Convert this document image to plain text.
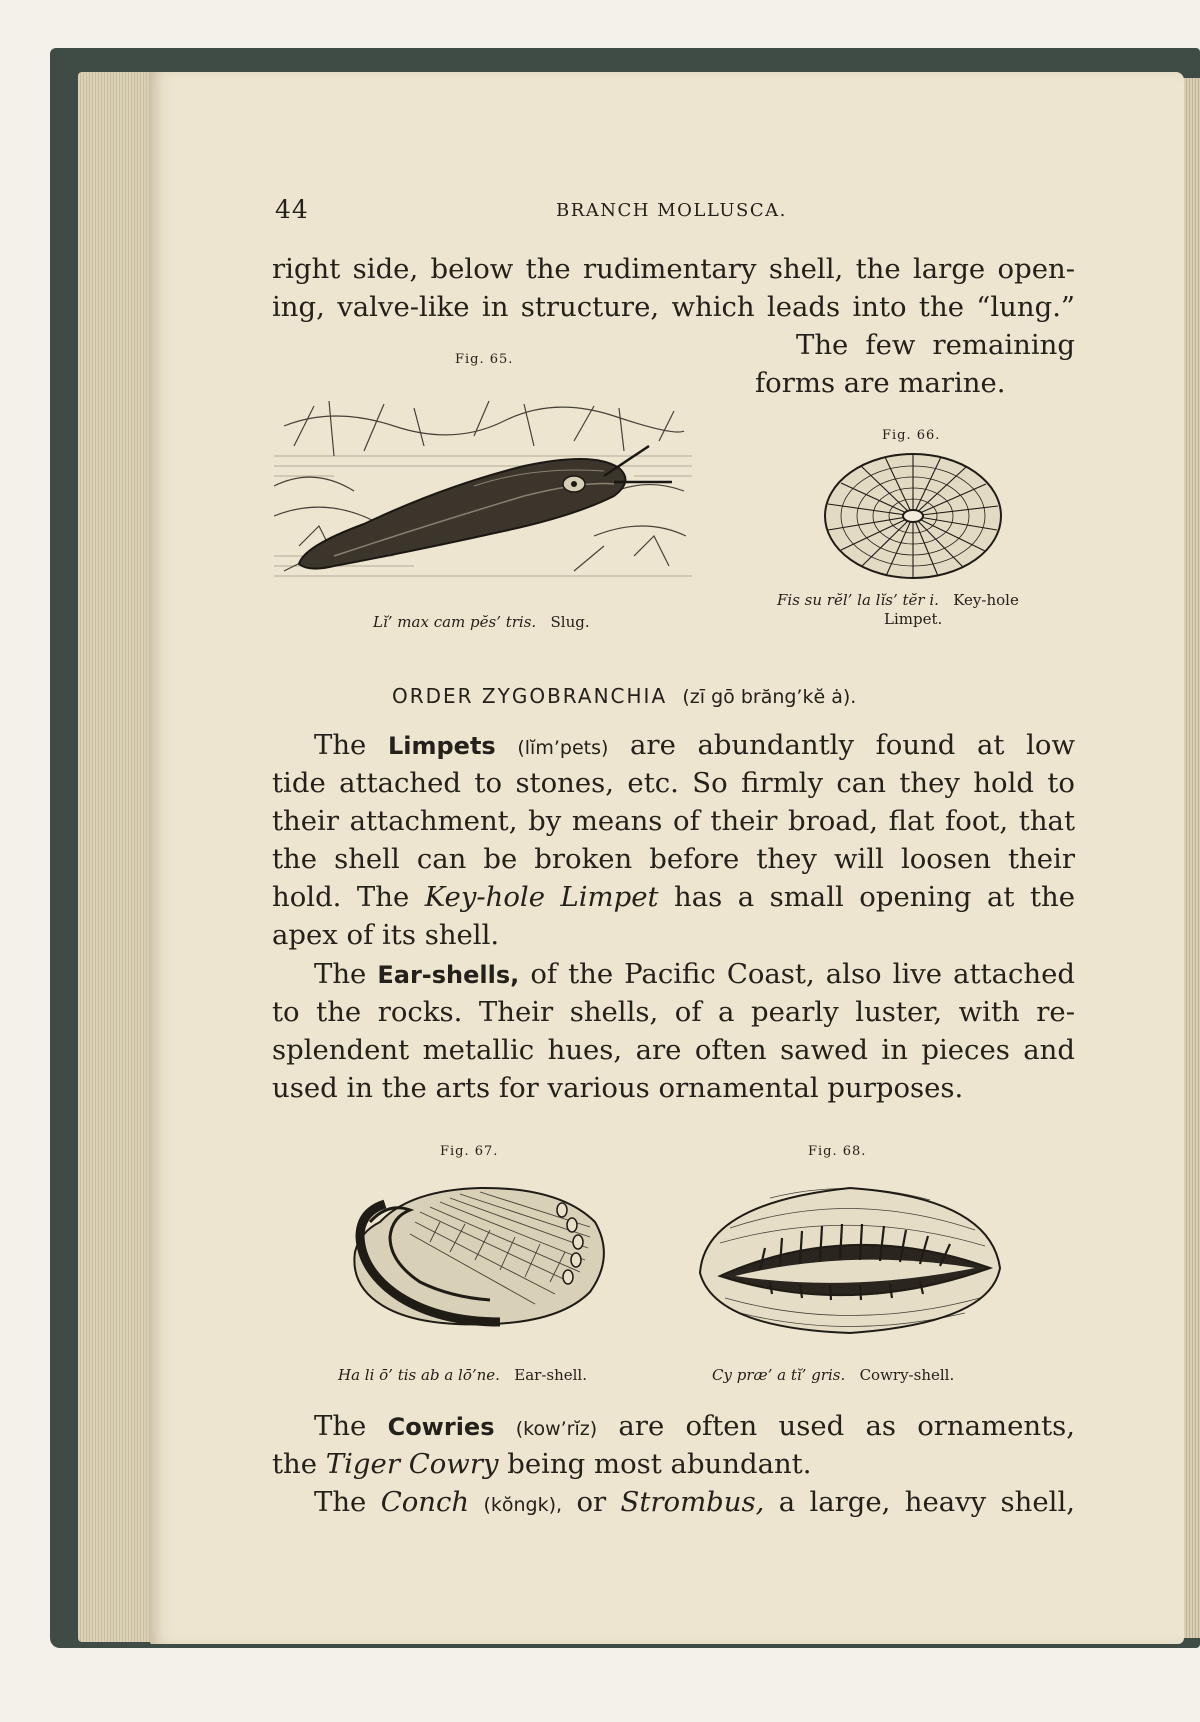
44	BRANCH MOLLUSCA.
right side, below the rudimentary shell, the large open-
ing, valve-like in structure, which leads into the “lung.”
The few remaining
forms are marine.
Fig. 65.
Lĭ’ max cam pĕs’ tris. Slug.
Fig. 66.
Fis su rĕl’ la lĭs’ tĕr i. Key-hole
Limpet.
ORDER ZYGOBRANCHIA (zī gō brăng’kĕ ȧ).
The Limpets (lĭm’pets) are abundantly found at low
tide attached to stones, etc. So firmly can they hold to
their attachment, by means of their broad, flat foot, that
the shell can be broken before they will loosen their
hold. The Key-hole Limpet has a small opening at the
apex of its shell.
The Ear-shells, of the Pacific Coast, also live attached
to the rocks. Their shells, of a pearly luster, with re-
splendent metallic hues, are often sawed in pieces and
used in the arts for various ornamental purposes.
Fig. 67.
Ha li ō’ tis ab a lō’ne. Ear-shell.
Fig. 68.
Cy præ’ a tĭ’ gris. Cowry-shell.
The Cowries (kow’rĭz) are often used as ornaments,
the Tiger Cowry being most abundant.
The Conch (kŏngk), or Strombus, a large, heavy shell,
